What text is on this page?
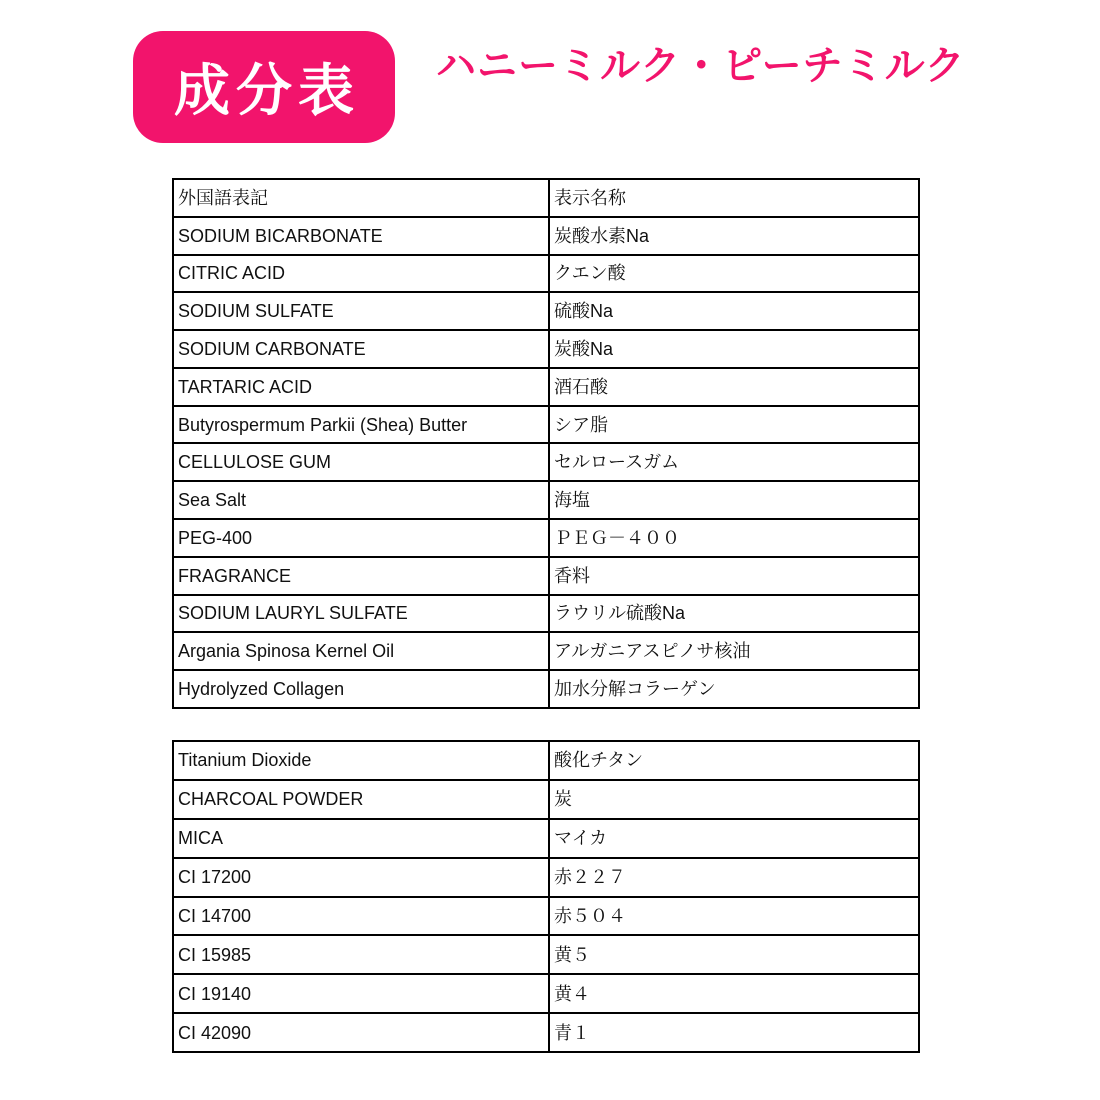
成分表 ハニーミルク・ピーチミルク
外国語表記	表示名称
SODIUM BICARBONATE	炭酸水素Na
CITRIC ACID	クエン酸
SODIUM SULFATE	硫酸Na
SODIUM CARBONATE	炭酸Na
TARTARIC ACID	酒石酸
Butyrospermum Parkii (Shea) Butter	シア脂
CELLULOSE GUM	セルロースガム
Sea Salt	海塩
PEG-400	ＰＥＧ－４００
FRAGRANCE	香料
SODIUM LAURYL SULFATE	ラウリル硫酸Na
Argania Spinosa Kernel Oil	アルガニアスピノサ核油
Hydrolyzed Collagen	加水分解コラーゲン
Titanium Dioxide	酸化チタン
CHARCOAL POWDER	炭
MICA	マイカ
CI 17200	赤２２７
CI 14700	赤５０４
CI 15985	黄５
CI 19140	黄４
CI 42090	青１
